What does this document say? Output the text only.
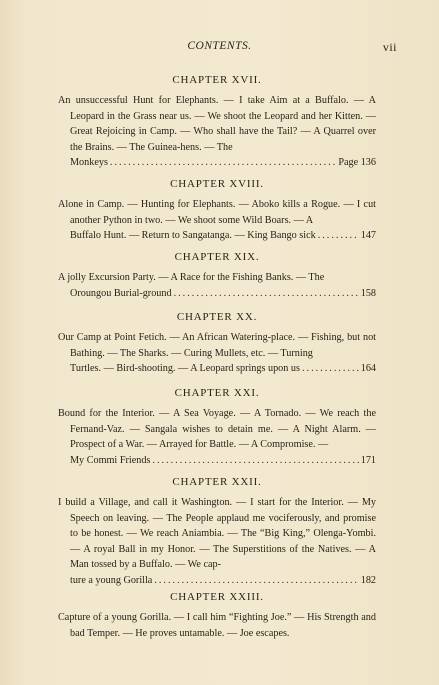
CONTENTS.	vii
CHAPTER XVII.

An unsuccessful Hunt for Elephants. — I take Aim at a Buffalo. — A Leopard in the Grass near us. — We shoot the Leopard and her Kitten. — Great Rejoicing in Camp. — Who shall have the Tail? — A Quarrel over the Brains. — The Guinea-hens. — The

Monkeys .....	Page 136
CHAPTER XVIII.

Alone in Camp. — Hunting for Elephants. — Aboko kills a Rogue. — I cut another Python in two. — We shoot some Wild Boars. — A

Buffalo Hunt. — Return to Sangatanga. — King Bango sick .....	147
CHAPTER XIX.

A jolly Excursion Party. — A Race for the Fishing Banks. — The

Oroungou Burial-ground .....	158
CHAPTER XX.

Our Camp at Point Fetich. — An African Watering-place. — Fishing, but not Bathing. — The Sharks. — Curing Mullets, etc. — Turning

Turtles. — Bird-shooting. — A Leopard springs upon us .....	164
CHAPTER XXI.

Bound for the Interior. — A Sea Voyage. — A Tornado. — We reach the Fernand-Vaz. — Sangala wishes to detain me. — A Night Alarm. — Prospect of a War. — Arrayed for Battle. — A Compromise. —

My Commi Friends .....	171
CHAPTER XXII.

I build a Village, and call it Washington. — I start for the Interior. — My Speech on leaving. — The People applaud me vociferously, and promise to be honest. — We reach Aniambia. — The “Big King,” Olenga-Yombi. — A royal Ball in my Honor. — The Superstitions of the Natives. — A Man tossed by a Buffalo. — We cap-

ture a young Gorilla .....	182
CHAPTER XXIII.

Capture of a young Gorilla. — I call him “Fighting Joe.” — His Strength and bad Temper. — He proves untamable. — Joe escapes.
